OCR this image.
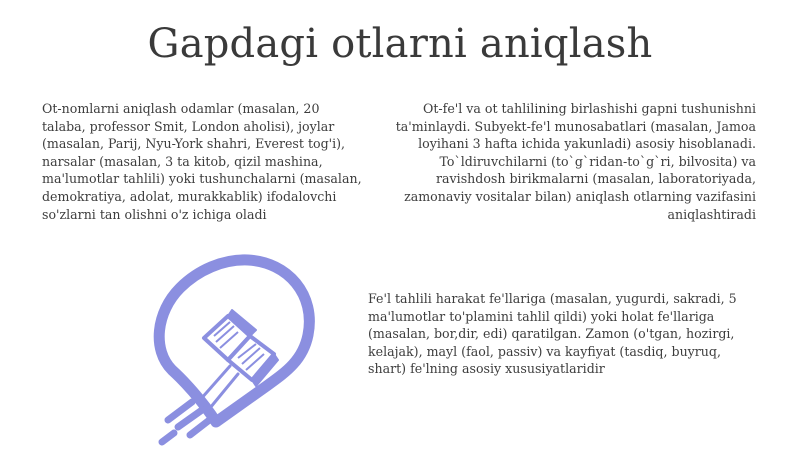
Gapdagi otlarni aniqlash

Ot-nomlarni aniqlash odamlar (masalan, 20 talaba, professor Smit, London aholisi), joylar (masalan, Parij, Nyu-York shahri, Everest tog'i), narsalar (masalan, 3 ta kitob, qizil mashina, ma'lumotlar tahlili) yoki tushunchalarni (masalan, demokratiya, adolat, murakkablik) ifodalovchi so'zlarni tan olishni o'z ichiga oladi

Ot-fe'l va ot tahlilining birlashishi gapni tushunishni ta'minlaydi. Subyekt-fe'l munosabatlari (masalan, Jamoa loyihani 3 hafta ichida yakunladi) asosiy hisoblanadi. To`ldiruvchilarni (to`g`ridan-to`g`ri, bilvosita) va ravishdosh birikmalarni (masalan, laboratoriyada, zamonaviy vositalar bilan) aniqlash otlarning vazifasini aniqlashtiradi

Fe'l tahlili harakat fe'llariga (masalan, yugurdi, sakradi, 5 ma'lumotlar to'plamini tahlil qildi) yoki holat fe'llariga (masalan, bor,dir, edi) qaratilgan. Zamon (o'tgan, hozirgi, kelajak), mayl (faol, passiv) va kayfiyat (tasdiq, buyruq, shart) fe'lning asosiy xususiyatlaridir
